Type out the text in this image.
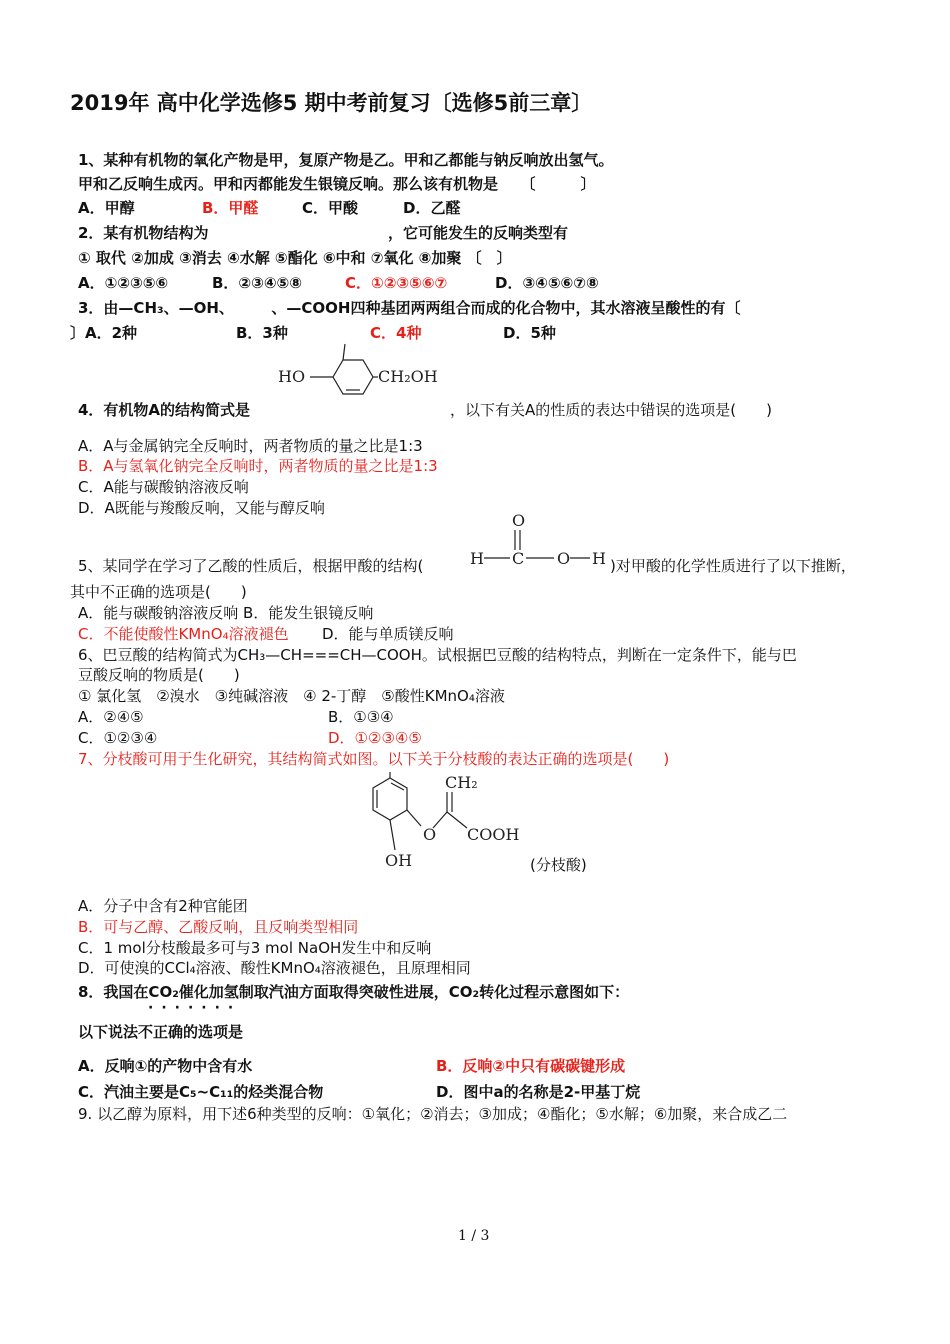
2019年 高中化学选修5 期中考前复习〔选修5前三章〕
1、某种有机物的氧化产物是甲，复原产物是乙。甲和乙都能与钠反响放出氢气。
甲和乙反响生成丙。甲和丙都能发生银镜反响。那么该有机物是　　〔　　　〕
A．甲醇	B．甲醛	C．甲酸	D．乙醛
2．某有机物结构为	，它可能发生的反响类型有
① 取代 ②加成 ③消去 ④水解 ⑤酯化 ⑥中和 ⑦氧化 ⑧加聚 〔　〕
A．①②③⑤⑥	B．②③④⑤⑧	C．①②③⑤⑥⑦	D．③④⑤⑥⑦⑧
3．由—CH₃、—OH、　　　、—COOH四种基团两两组合而成的化合物中，其水溶液呈酸性的有〔
〕A．2种	B．3种	C．4种	D．5种
HO	CH₂OH
4．有机物A的结构简式是	，以下有关A的性质的表达中错误的选项是(　　)
A．A与金属钠完全反响时，两者物质的量之比是1:3
B．A与氢氧化钠完全反响时，两者物质的量之比是1:3
C．A能与碳酸钠溶液反响
D．A既能与羧酸反响，又能与醇反响
O
H C O H
5、某同学在学习了乙酸的性质后，根据甲酸的结构(	)对甲酸的化学性质进行了以下推断，
其中不正确的选项是(　　)
A．能与碳酸钠溶液反响 B．能发生银镜反响
C．不能使酸性KMnO₄溶液褪色 D．能与单质镁反响
6、巴豆酸的结构简式为CH₃—CH===CH—COOH。试根据巴豆酸的结构特点，判断在一定条件下，能与巴
豆酸反响的物质是(　　)
① 氯化氢　②溴水　③纯碱溶液　④ 2-丁醇　⑤酸性KMnO₄溶液
A．②④⑤	B．①③④
C．①②③④	D．①②③④⑤
7、分枝酸可用于生化研究，其结构简式如图。以下关于分枝酸的表达正确的选项是(　　)
CH₂
O COOH
OH	(分枝酸)
A．分子中含有2种官能团
B．可与乙醇、乙酸反响，且反响类型相同
C．1 mol分枝酸最多可与3 mol NaOH发生中和反响
D．可使溴的CCl₄溶液、酸性KMnO₄溶液褪色，且原理相同
8．我国在CO₂催化加氢制取汽油方面取得突破性进展，CO₂转化过程示意图如下：
·······
以下说法不正确的选项是
A．反响①的产物中含有水	B．反响②中只有碳碳键形成
C．汽油主要是C₅~C₁₁的烃类混合物	D．图中a的名称是2-甲基丁烷
9. 以乙醇为原料，用下述6种类型的反响：①氧化；②消去；③加成；④酯化；⑤水解；⑥加聚，来合成乙二
1 / 3
